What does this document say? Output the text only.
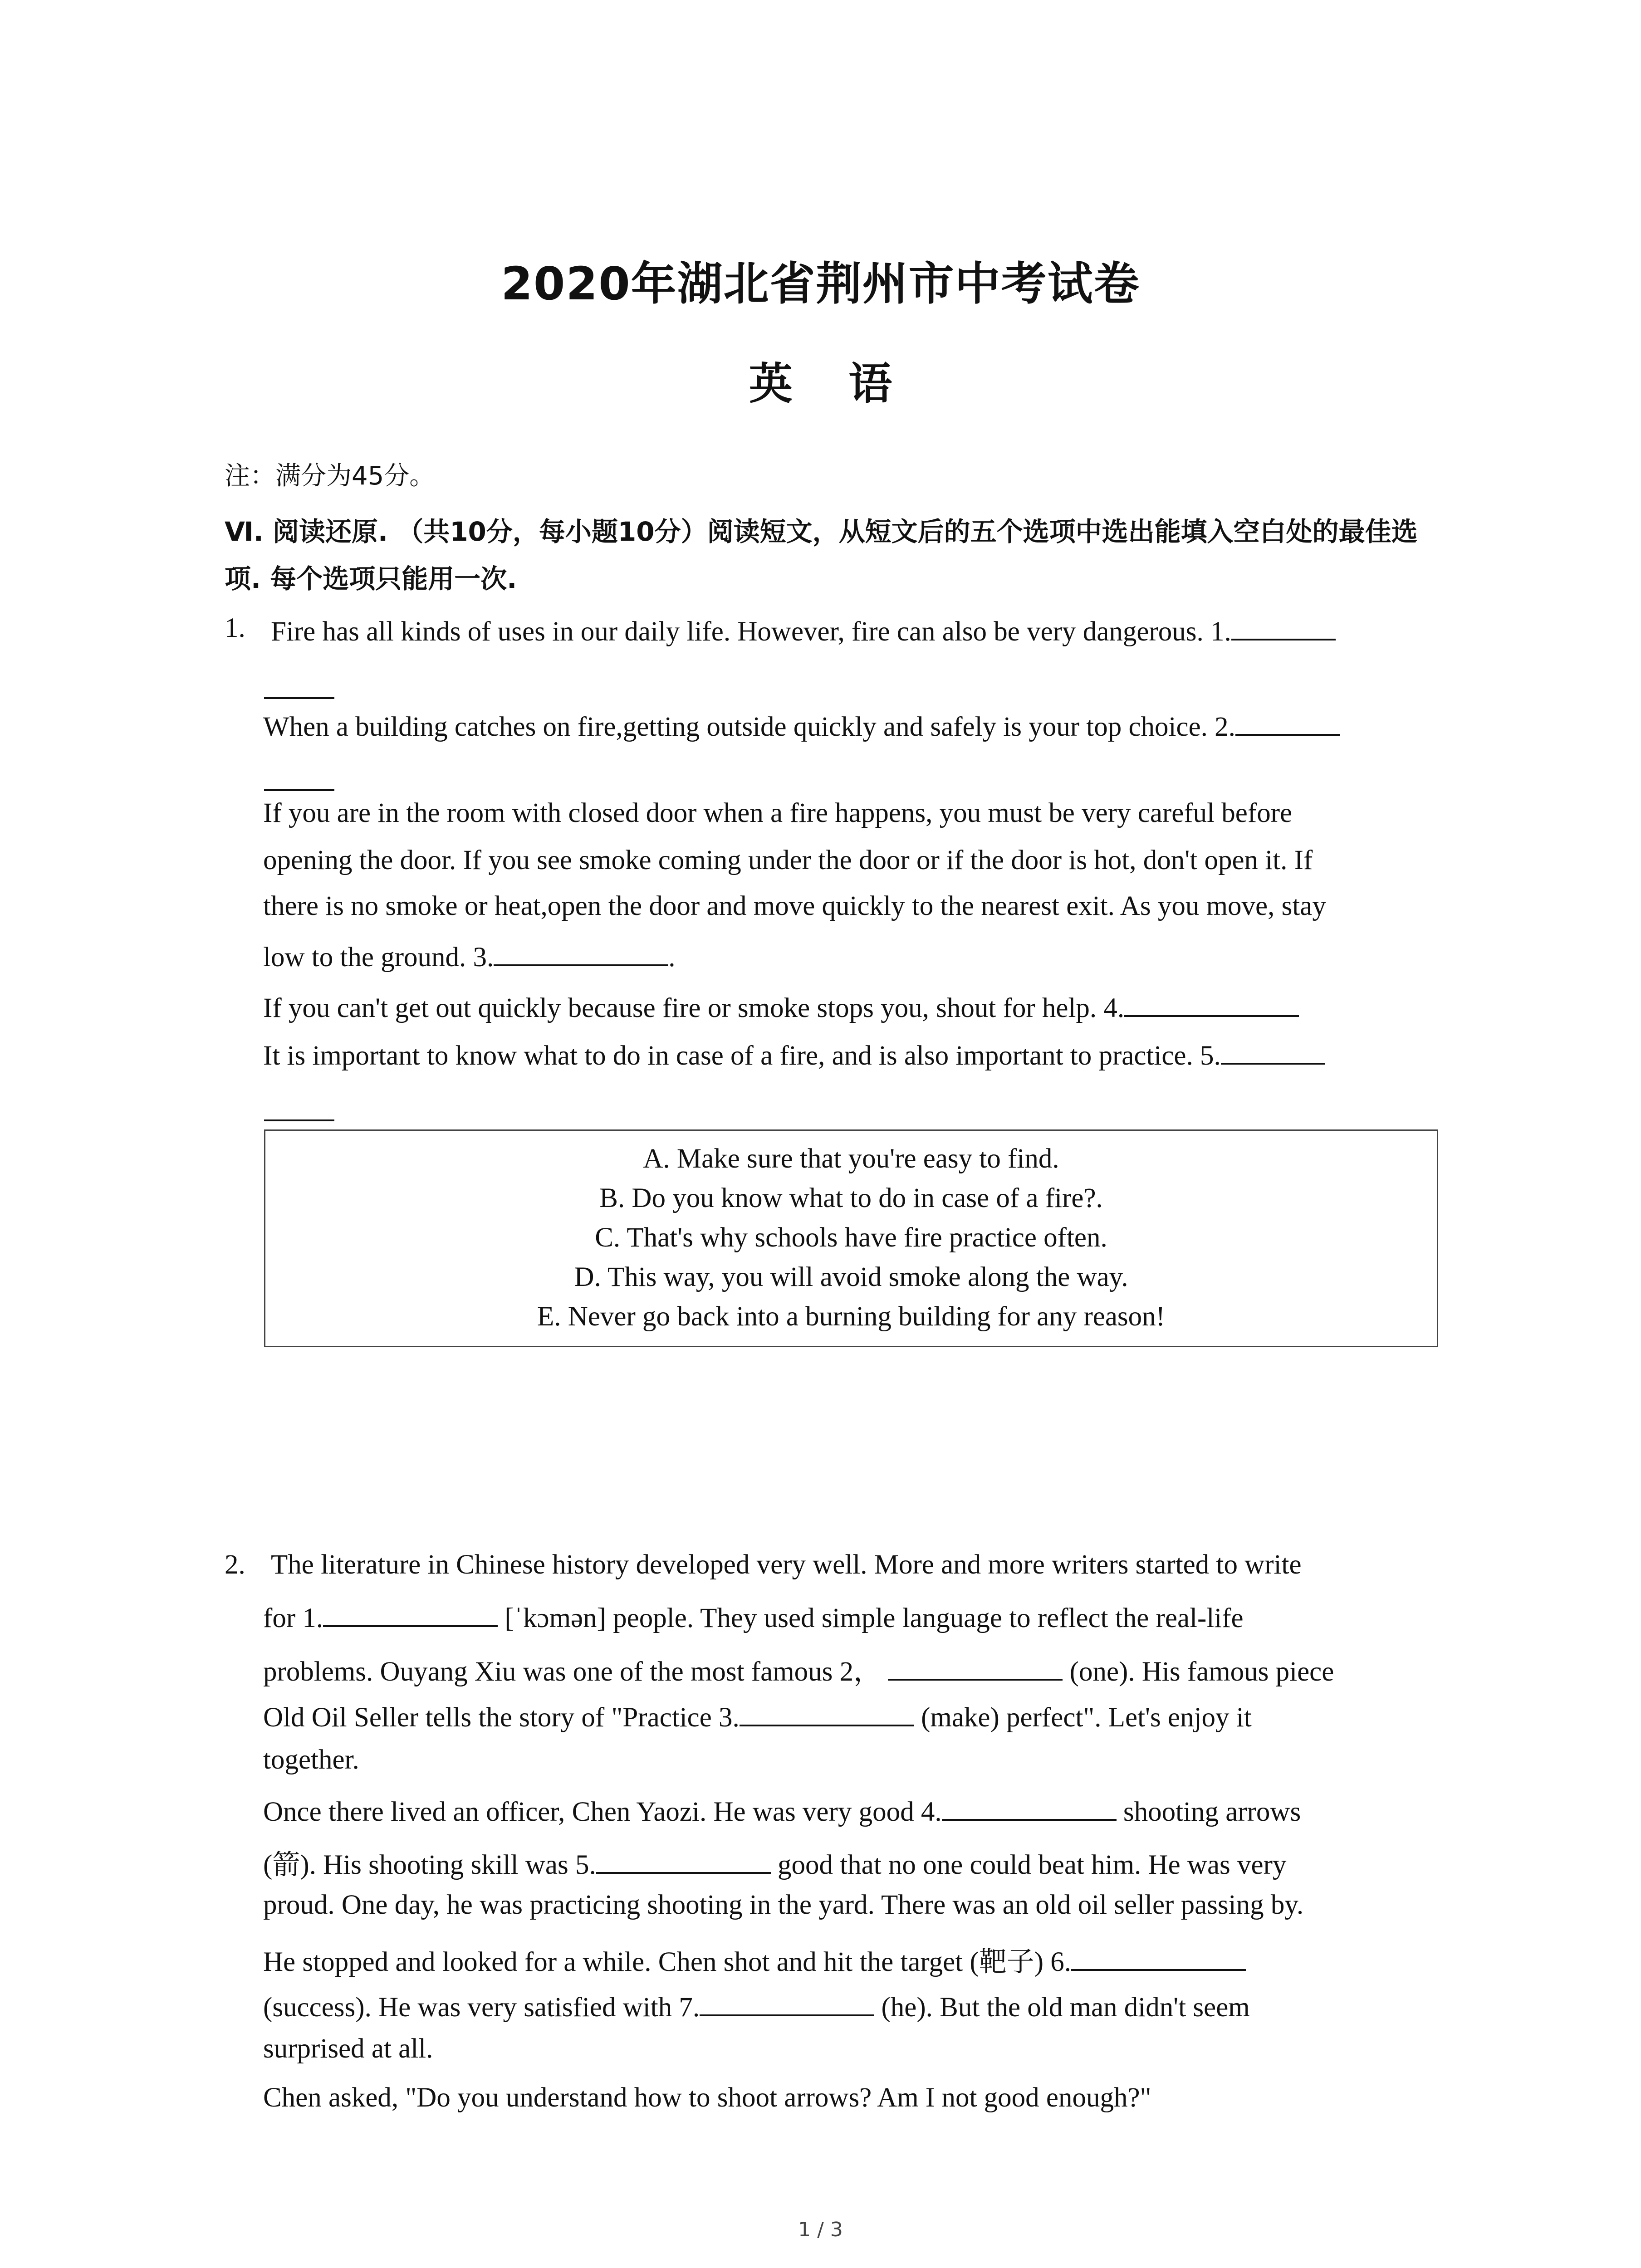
2020年湖北省荆州市中考试卷
英 语
注：满分为45分。
Ⅵ. 阅读还原. （共10分，每小题10分）阅读短文，从短文后的五个选项中选出能填入空白处的最佳选项. 每个选项只能用一次.
1. Fire has all kinds of uses in our daily life. However, fire can also be very dangerous. 1.
When a building catches on fire,getting outside quickly and safely is your top choice. 2.
If you are in the room with closed door when a fire happens, you must be very careful before
opening the door. If you see smoke coming under the door or if the door is hot, don't open it. If
there is no smoke or heat,open the door and move quickly to the nearest exit. As you move, stay
low to the ground. 3.	.
If you can't get out quickly because fire or smoke stops you, shout for help. 4.
It is important to know what to do in case of a fire, and is also important to practice. 5.
A. Make sure that you're easy to find.
B. Do you know what to do in case of a fire?.
C. That's why schools have fire practice often.
D. This way, you will avoid smoke along the way.
E. Never go back into a burning building for any reason!
2. The literature in Chinese history developed very well. More and more writers started to write
for 1.	[ˈkɔmən] people. They used simple language to reflect the real-life
problems. Ouyang Xiu was one of the most famous 2，	(one). His famous piece
Old Oil Seller tells the story of "Practice 3.	(make) perfect". Let's enjoy it
together.
Once there lived an officer, Chen Yaozi. He was very good 4.	shooting arrows
(箭). His shooting skill was 5.	good that no one could beat him. He was very
proud. One day, he was practicing shooting in the yard. There was an old oil seller passing by.
He stopped and looked for a while. Chen shot and hit the target (靶子) 6.
(success). He was very satisfied with 7.	(he). But the old man didn't seem
surprised at all.
Chen asked, "Do you understand how to shoot arrows? Am I not good enough?"
1 / 3
